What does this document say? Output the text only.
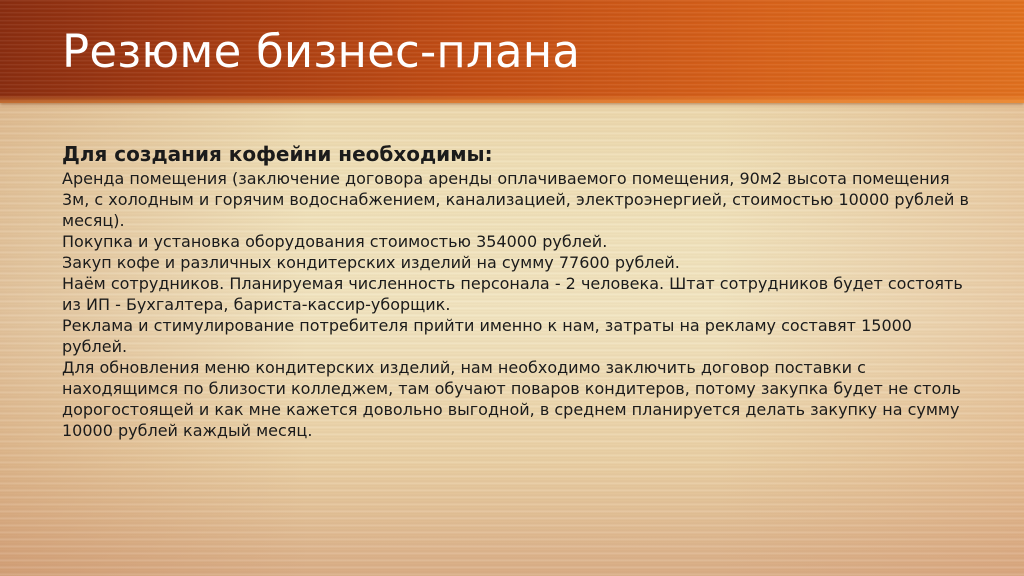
Резюме бизнес-плана

Для создания кофейни необходимы:

Аренда помещения (заключение договора аренды оплачиваемого помещения, 90м2 высота помещения 3м, с холодным и горячим водоснабжением, канализацией, электроэнергией, стоимостью 10000 рублей в месяц).

Покупка и установка оборудования стоимостью 354000 рублей.

Закуп кофе и различных кондитерских изделий на сумму 77600 рублей.

Наём сотрудников. Планируемая численность персонала - 2 человека. Штат сотрудников будет состоять из ИП - Бухгалтера, бариста-кассир-уборщик.

Реклама и стимулирование потребителя прийти именно к нам, затраты на рекламу составят 15000 рублей.

Для обновления меню кондитерских изделий, нам необходимо заключить договор поставки с находящимся по близости колледжем, там обучают поваров кондитеров, потому закупка будет не столь дорогостоящей и как мне кажется довольно выгодной, в среднем планируется делать закупку на сумму 10000 рублей каждый месяц.
